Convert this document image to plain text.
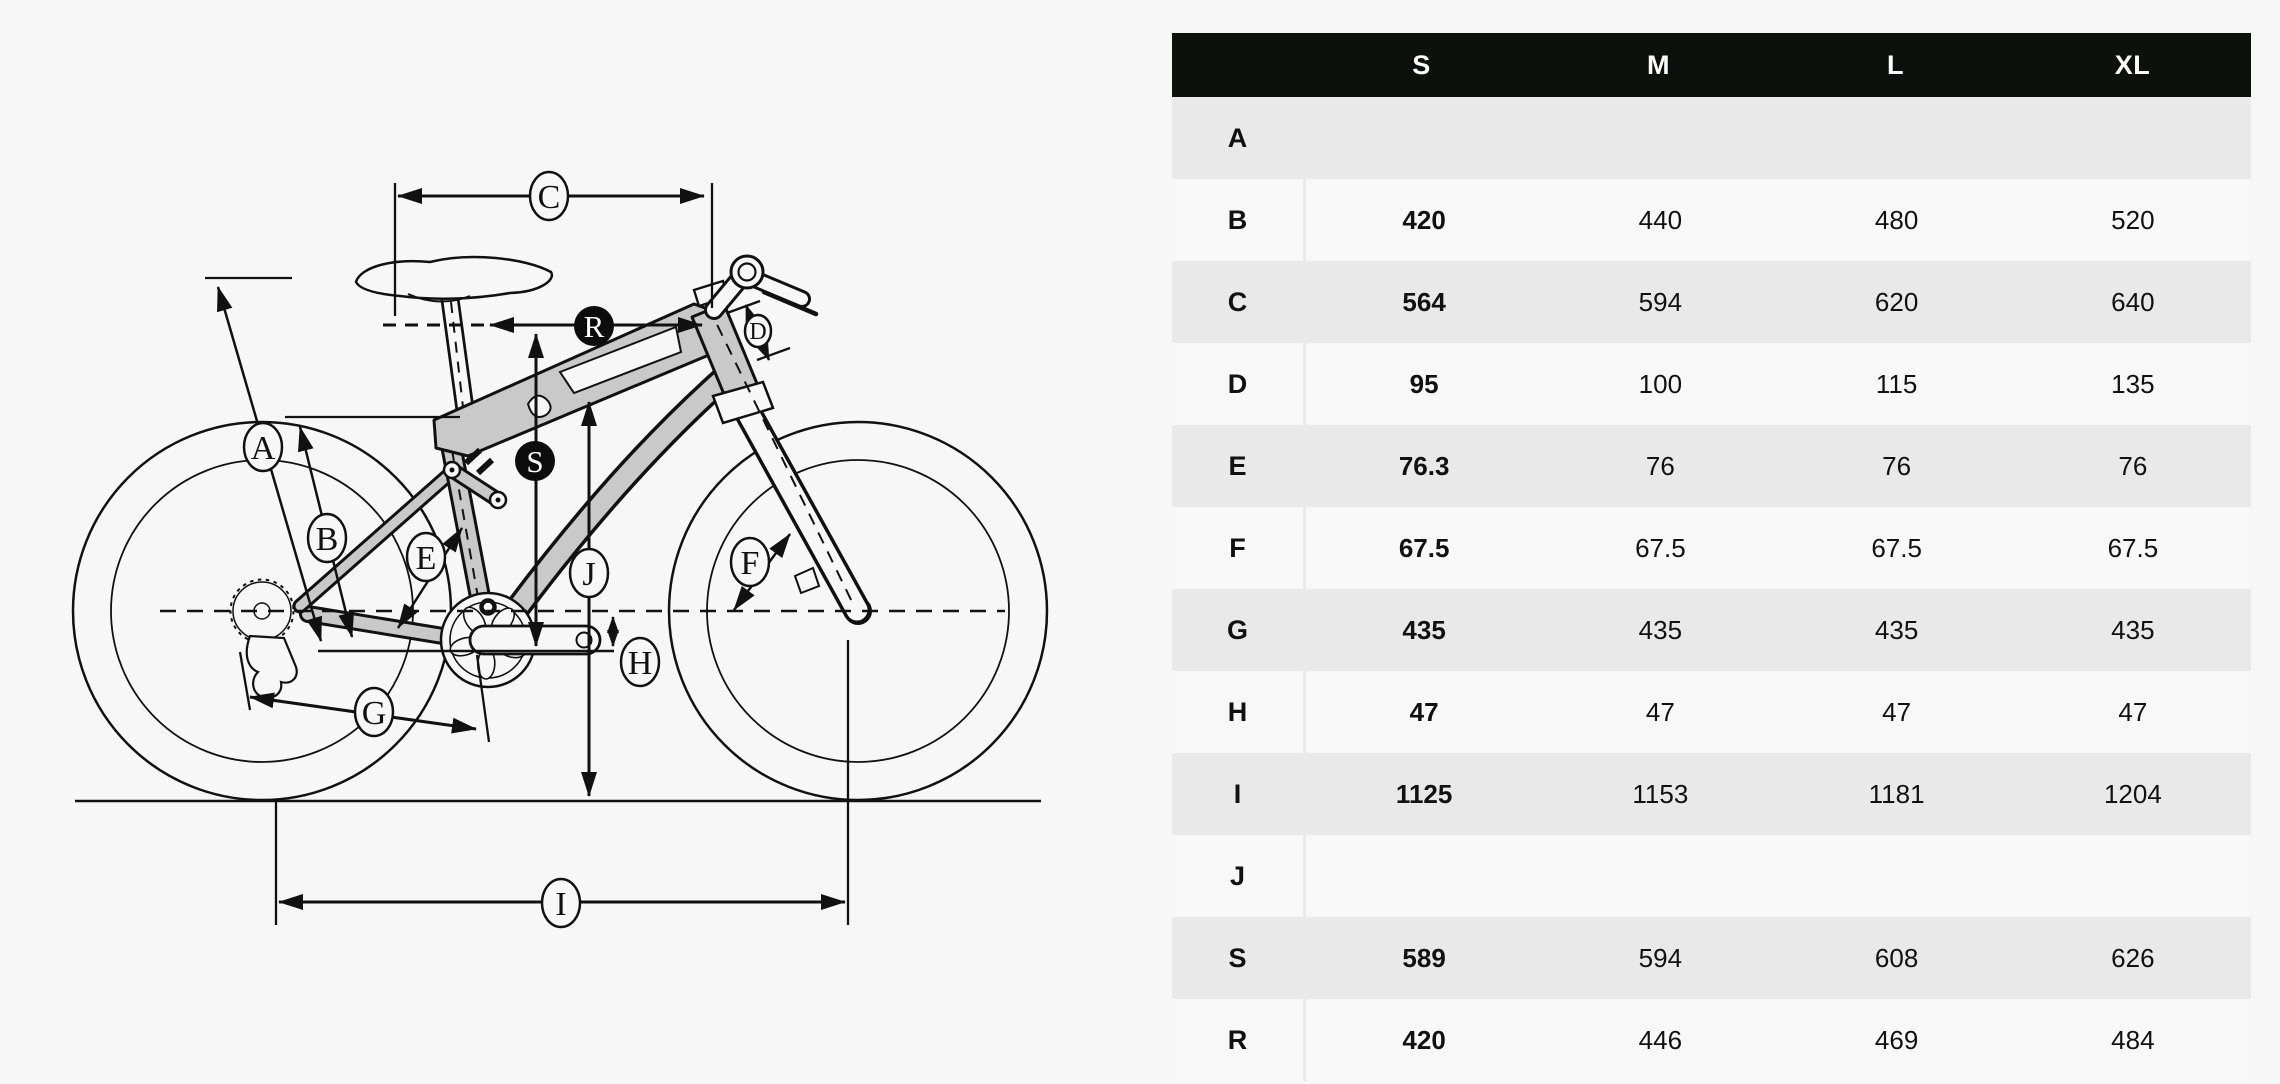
C
R	D
A	S
B
E	F
J
H
G
I
S	M	L	XL
A
B	420	440	480	520
C	564	594	620	640
D	95	100	115	135
E	76.3	76	76	76
F	67.5	67.5	67.5	67.5
G	435	435	435	435
H	47	47	47	47
I	1125	1153	1181	1204
J
S	589	594	608	626
R	420	446	469	484
